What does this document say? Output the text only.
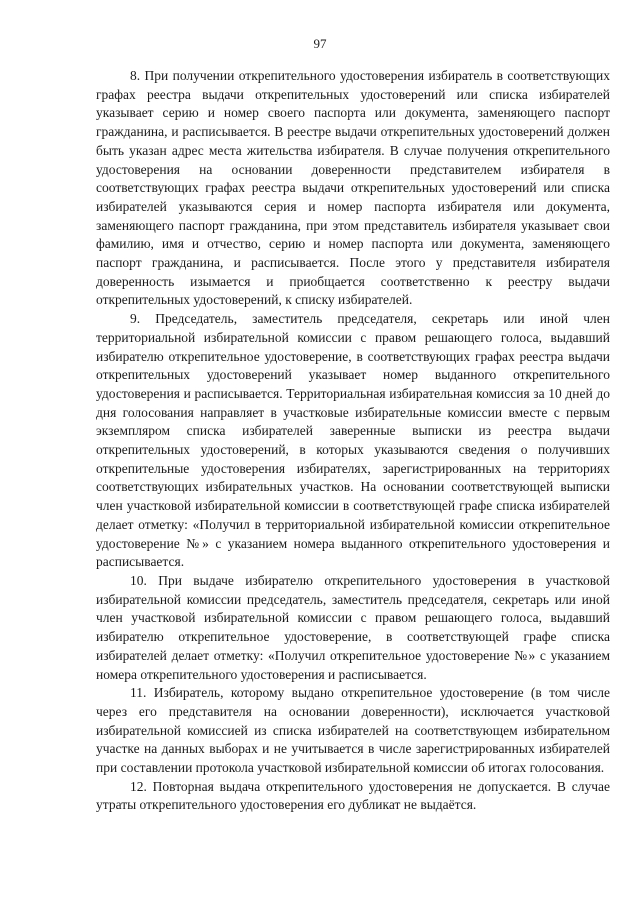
97

8. При получении открепительного удостоверения избиратель в соответствующих графах реестра выдачи открепительных удостоверений или списка избирателей указывает серию и номер своего паспорта или документа, заменяющего паспорт гражданина, и расписывается. В реестре выдачи открепительных удостоверений должен быть указан адрес места жительства избирателя. В случае получения открепительного удостоверения на основании доверенности представителем избирателя в соответствующих графах реестра выдачи открепительных удостоверений или списка избирателей указываются серия и номер паспорта избирателя или документа, заменяющего паспорт гражданина, при этом представитель избирателя указывает свои фамилию, имя и отчество, серию и номер паспорта или документа, заменяющего паспорт гражданина, и расписывается. После этого у представителя избирателя доверенность изымается и приобщается соответственно к реестру выдачи открепительных удостоверений, к списку избирателей.

9. Председатель, заместитель председателя, секретарь или иной член территориальной избирательной комиссии с правом решающего голоса, выдавший избирателю открепительное удостоверение, в соответствующих графах реестра выдачи открепительных удостоверений указывает номер выданного открепительного удостоверения и расписывается. Территориальная избирательная комиссия за 10 дней до дня голосования направляет в участковые избирательные комиссии вместе с первым экземпляром списка избирателей заверенные выписки из реестра выдачи открепительных удостоверений, в которых указываются сведения о получивших открепительные удостоверения избирателях, зарегистрированных на территориях соответствующих избирательных участков. На основании соответствующей выписки член участковой избирательной комиссии в соответствующей графе списка избирателей делает отметку: «Получил в территориальной избирательной комиссии открепительное удостоверение №» с указанием номера выданного открепительного удостоверения и расписывается.

10. При выдаче избирателю открепительного удостоверения в участковой избирательной комиссии председатель, заместитель председателя, секретарь или иной член участковой избирательной комиссии с правом решающего голоса, выдавший избирателю открепительное удостоверение, в соответствующей графе списка избирателей делает отметку: «Получил открепительное удостоверение №» с указанием номера открепительного удостоверения и расписывается.

11. Избиратель, которому выдано открепительное удостоверение (в том числе через его представителя на основании доверенности), исключается участковой избирательной комиссией из списка избирателей на соответствующем избирательном участке на данных выборах и не учитывается в числе зарегистрированных избирателей при составлении протокола участковой избирательной комиссии об итогах голосования.

12. Повторная выдача открепительного удостоверения не допускается. В случае утраты открепительного удостоверения его дубликат не выдаётся.
